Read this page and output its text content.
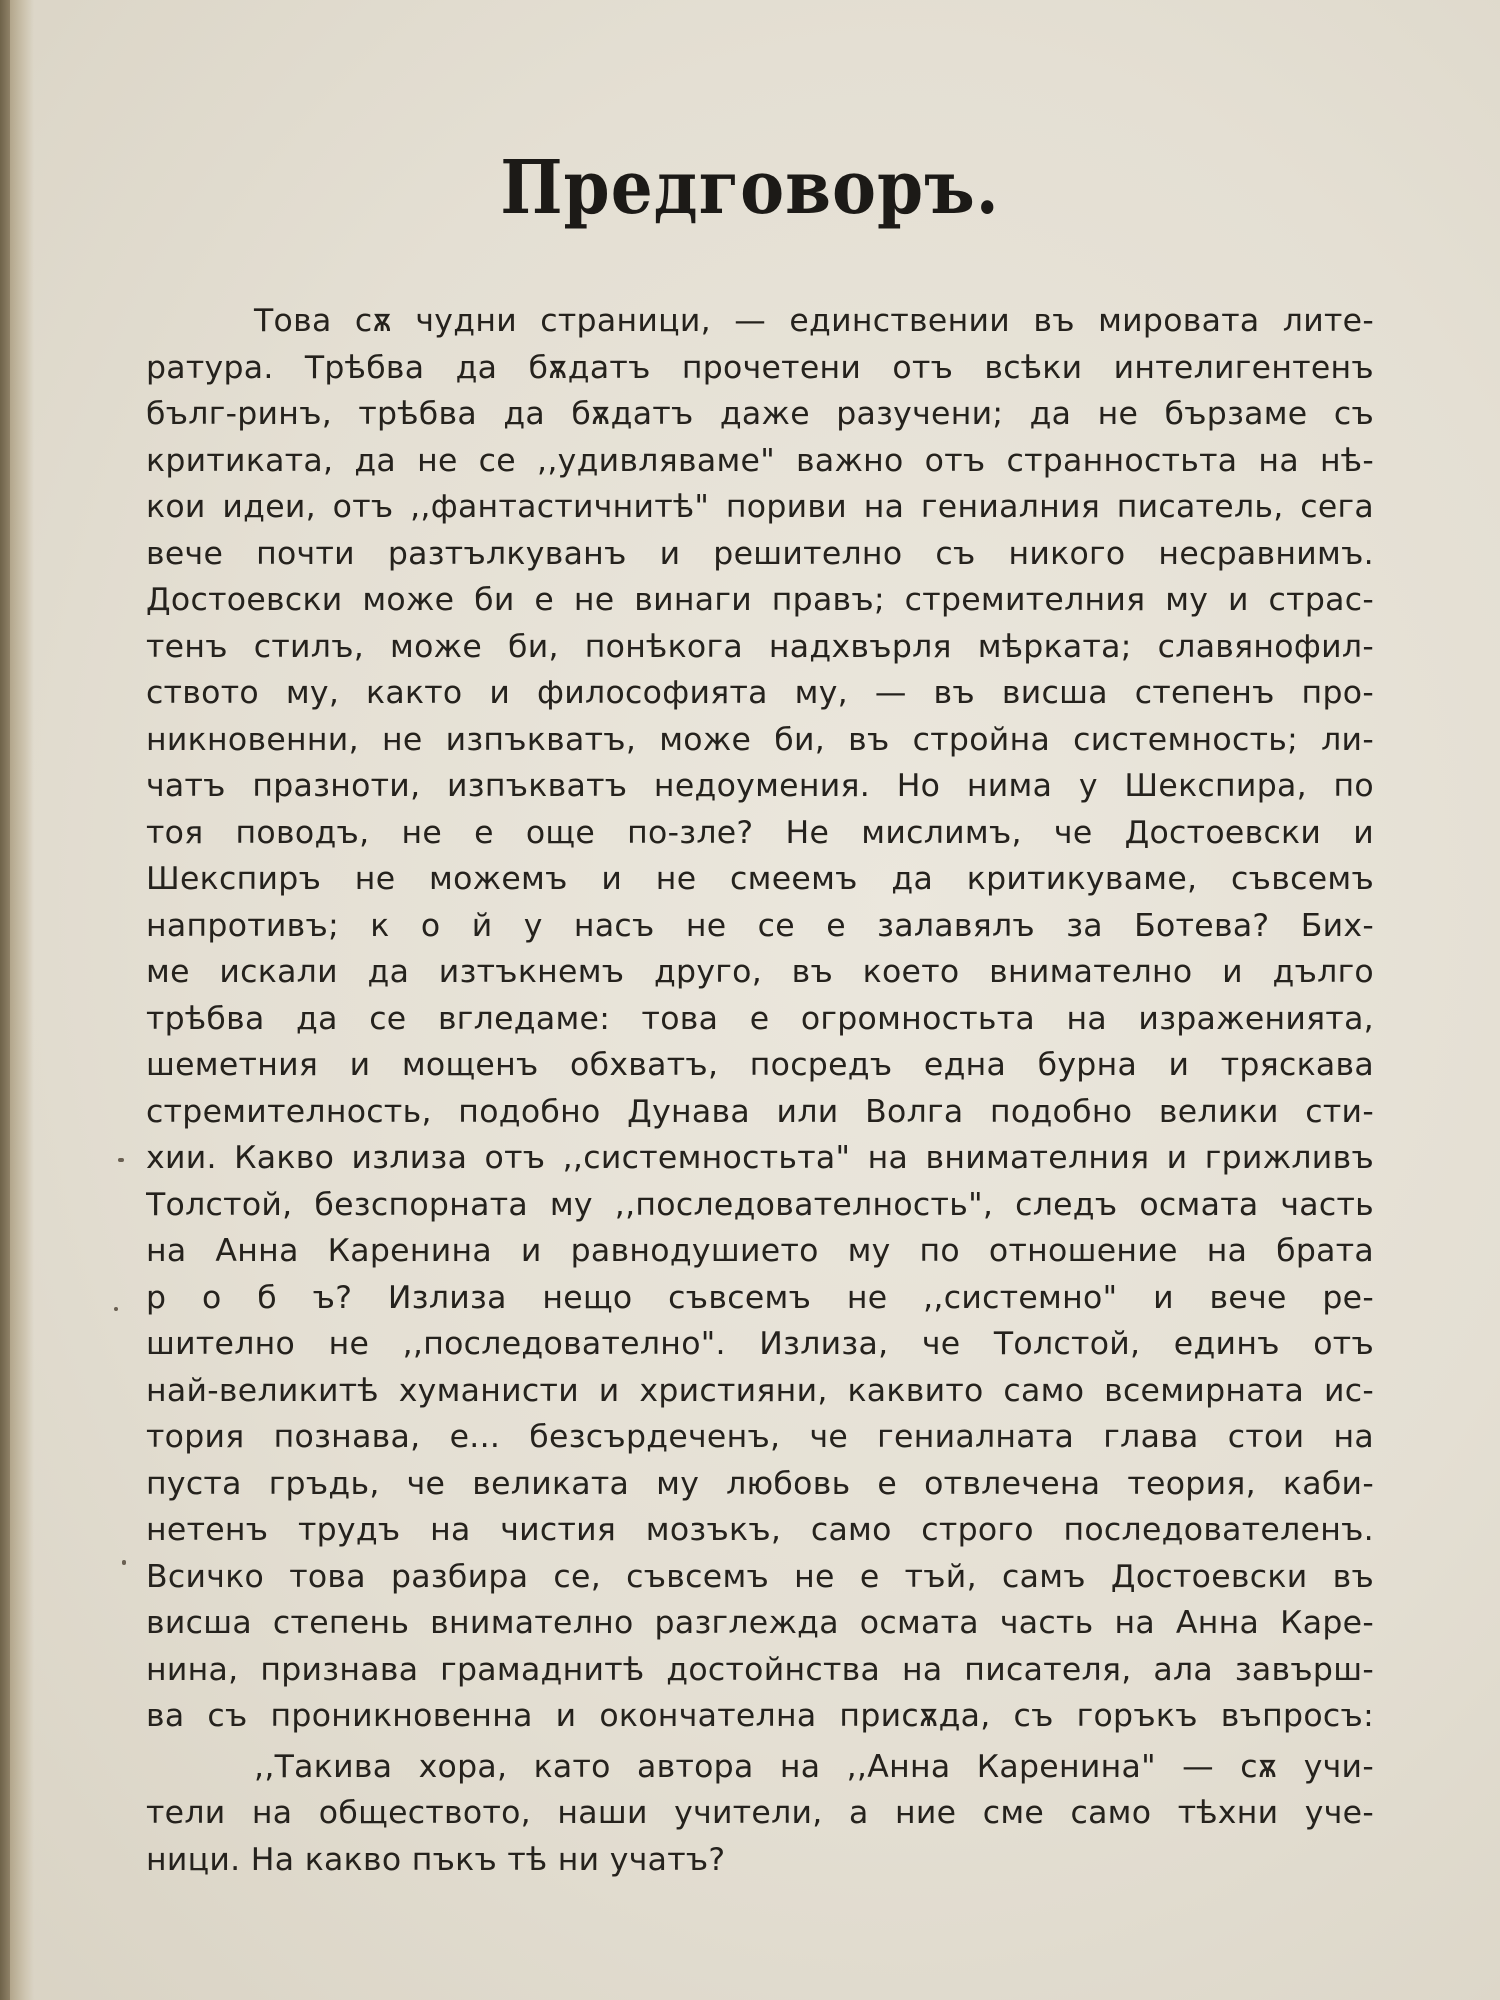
Предговоръ.
Това сѫ чудни страници, — единствении въ мировата лите-
ратура. Трѣбва да бѫдатъ прочетени отъ всѣки интелигентенъ
бълг-ринъ, трѣбва да бѫдатъ даже разучени; да не бързаме съ
критиката, да не се ,,удивляваме" важно отъ странностьта на нѣ-
кои идеи, отъ ,,фантастичнитѣ" пориви на гениалния писатель, сега
вече почти разтълкуванъ и решително съ никого несравнимъ.
Достоевски може би е не винаги правъ; стремителния му и страс-
тенъ стилъ, може би, понѣкога надхвърля мѣрката; славянофил-
ството му, както и философията му, — въ висша степенъ про-
никновенни, не изпъкватъ, може би, въ стройна системность; ли-
чатъ празноти, изпъкватъ недоумения. Но нима у Шекспира, по
тоя поводъ, не е още по-зле? Не мислимъ, че Достоевски и
Шекспиръ не можемъ и не смеемъ да критикуваме, съвсемъ
напротивъ; к о й у насъ не се е залавялъ за Ботева? Бих-
ме искали да изтъкнемъ друго, въ което внимателно и дълго
трѣбва да се вгледаме: това е огромностьта на израженията,
шеметния и мощенъ обхватъ, посредъ една бурна и тряскава
стремителность, подобно Дунава или Волга подобно велики сти-
хии. Какво излиза отъ ,,системностьта" на внимателния и грижливъ
Толстой, безспорната му ,,последователность", следъ осмата часть
на Анна Каренина и равнодушието му по отношение на брата
р о б ъ? Излиза нещо съвсемъ не ,,системно" и вече ре-
шително не ,,последователно". Излиза, че Толстой, единъ отъ
най-великитѣ хуманисти и християни, каквито само всемирната ис-
тория познава, е... безсърдеченъ, че гениалната глава стои на
пуста гръдь, че великата му любовь е отвлечена теория, каби-
нетенъ трудъ на чистия мозъкъ, само строго последователенъ.
Всичко това разбира се, съвсемъ не е тъй, самъ Достоевски въ
висша степень внимателно разглежда осмата часть на Анна Каре-
нина, признава грамаднитѣ достойнства на писателя, ала завърш-
ва съ проникновенна и окончателна присѫда, съ горъкъ въпросъ:
,,Такива хора, като автора на ,,Анна Каренина" — сѫ учи-
тели на обществото, наши учители, а ние сме само тѣхни уче-
ници. На какво пъкъ тѣ ни учатъ?
